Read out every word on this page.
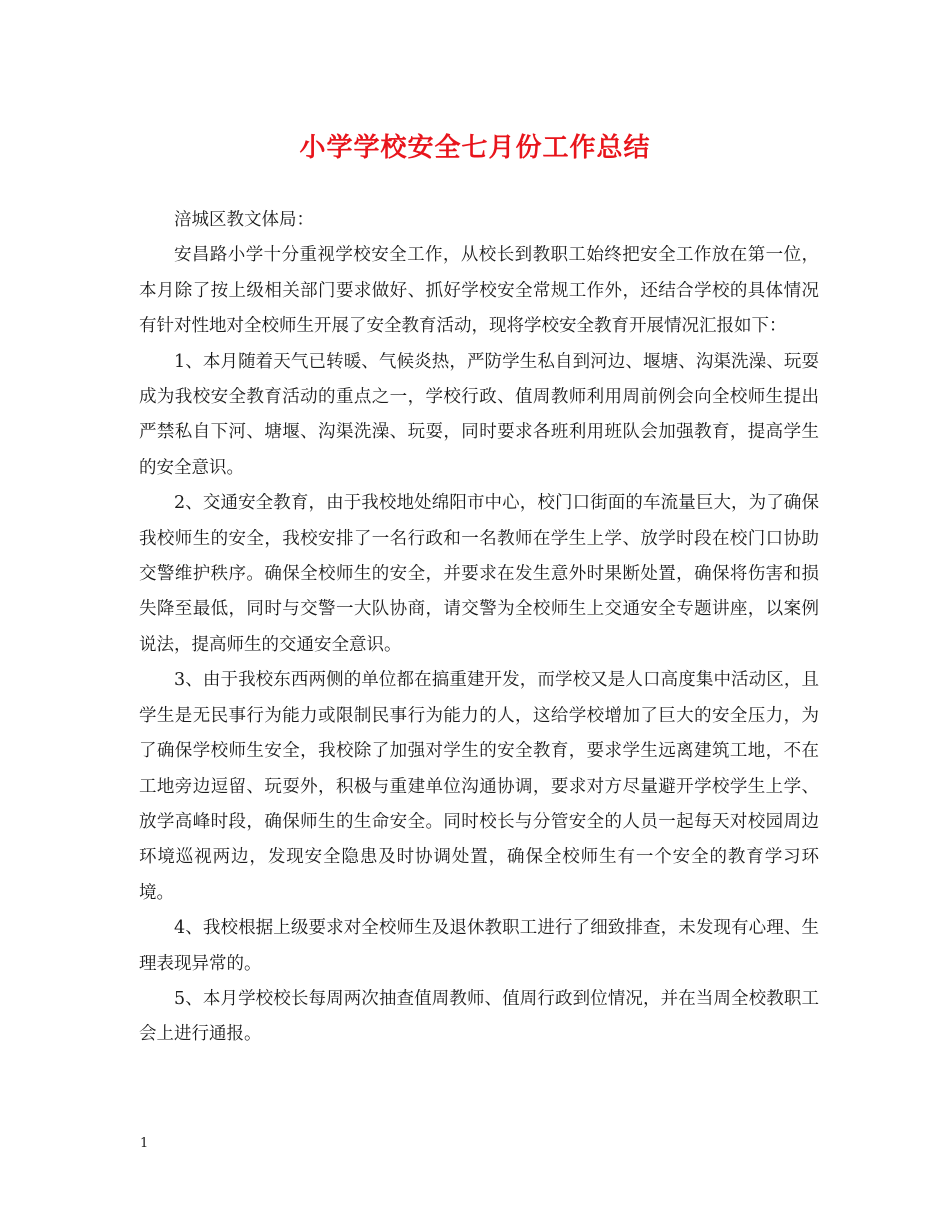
小学学校安全七月份工作总结

涪城区教文体局：

安昌路小学十分重视学校安全工作，从校长到教职工始终把安全工作放在第一位，本月除了按上级相关部门要求做好、抓好学校安全常规工作外，还结合学校的具体情况有针对性地对全校师生开展了安全教育活动，现将学校安全教育开展情况汇报如下：

1、本月随着天气已转暖、气候炎热，严防学生私自到河边、堰塘、沟渠洗澡、玩耍成为我校安全教育活动的重点之一，学校行政、值周教师利用周前例会向全校师生提出严禁私自下河、塘堰、沟渠洗澡、玩耍，同时要求各班利用班队会加强教育，提高学生的安全意识。

2、交通安全教育，由于我校地处绵阳市中心，校门口街面的车流量巨大，为了确保我校师生的安全，我校安排了一名行政和一名教师在学生上学、放学时段在校门口协助交警维护秩序。确保全校师生的安全，并要求在发生意外时果断处置，确保将伤害和损失降至最低，同时与交警一大队协商，请交警为全校师生上交通安全专题讲座，以案例说法，提高师生的交通安全意识。

3、由于我校东西两侧的单位都在搞重建开发，而学校又是人口高度集中活动区，且学生是无民事行为能力或限制民事行为能力的人，这给学校增加了巨大的安全压力，为了确保学校师生安全，我校除了加强对学生的安全教育，要求学生远离建筑工地，不在工地旁边逗留、玩耍外，积极与重建单位沟通协调，要求对方尽量避开学校学生上学、放学高峰时段，确保师生的生命安全。同时校长与分管安全的人员一起每天对校园周边环境巡视两边，发现安全隐患及时协调处置，确保全校师生有一个安全的教育学习环境。

4、我校根据上级要求对全校师生及退休教职工进行了细致排查，未发现有心理、生理表现异常的。

5、本月学校校长每周两次抽查值周教师、值周行政到位情况，并在当周全校教职工会上进行通报。

1
